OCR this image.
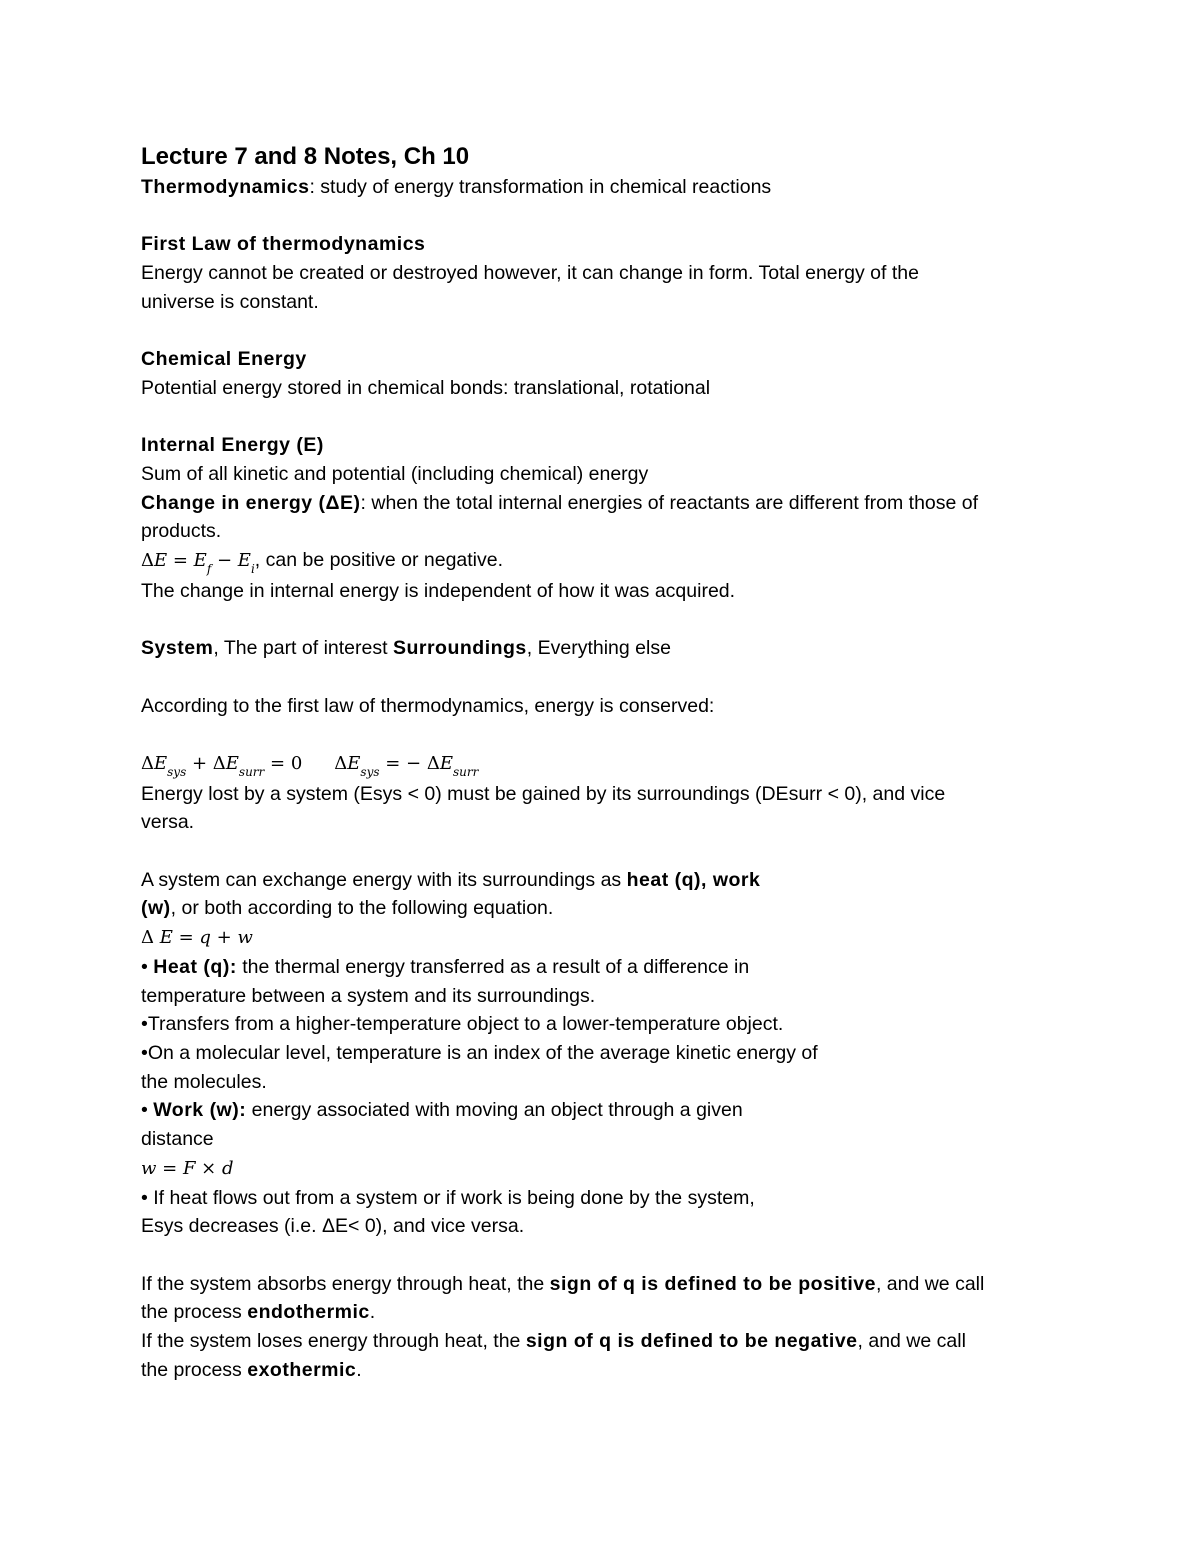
Lecture 7 and 8 Notes, Ch 10
Thermodynamics: study of energy transformation in chemical reactions
First Law of thermodynamics
Energy cannot be created or destroyed however, it can change in form. Total energy of the
universe is constant.
Chemical Energy
Potential energy stored in chemical bonds: translational, rotational
Internal Energy (E)
Sum of all kinetic and potential (including chemical) energy
Change in energy (ΔE): when the total internal energies of reactants are different from those of
products.
$\Delta E = E_f - E_i$, can be positive or negative.
The change in internal energy is independent of how it was acquired.
System, The part of interest Surroundings, Everything else
According to the first law of thermodynamics, energy is conserved:
$\Delta E_{sys} + \Delta E_{surr} = 0$ $\Delta E_{sys}$ = − $\Delta E_{surr}$
Energy lost by a system (Esys < 0) must be gained by its surroundings (DEsurr < 0), and vice
versa.
A system can exchange energy with its surroundings as heat (q), work
(w), or both according to the following equation.
Δ E = q + w
• Heat (q): the thermal energy transferred as a result of a difference in
temperature between a system and its surroundings.
•Transfers from a higher-temperature object to a lower-temperature object.
•On a molecular level, temperature is an index of the average kinetic energy of
the molecules.
• Work (w): energy associated with moving an object through a given
distance
w = F × d
• If heat flows out from a system or if work is being done by the system,
Esys decreases (i.e. ΔE< 0), and vice versa.
If the system absorbs energy through heat, the sign of q is defined to be positive, and we call
the process endothermic.
If the system loses energy through heat, the sign of q is defined to be negative, and we call
the process exothermic.
